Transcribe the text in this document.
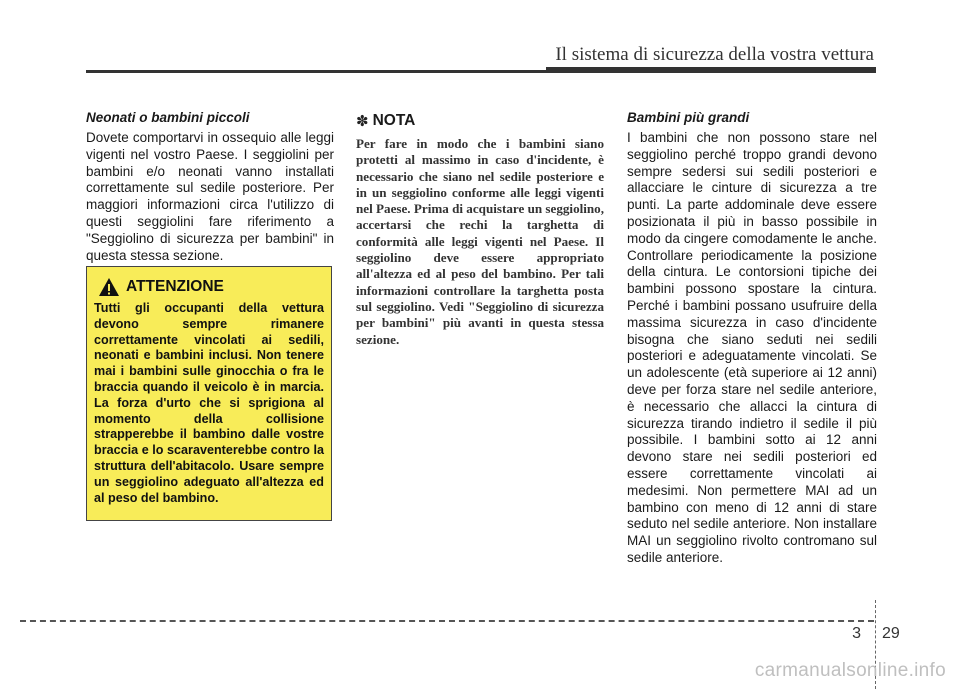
Il sistema di sicurezza della vostra vettura
Neonati o bambini piccoli

Dovete comportarvi in ossequio alle leggi vigenti nel vostro Paese. I seggiolini per bambini e/o neonati vanno installati correttamente sul sedile posteriore. Per maggiori informazioni circa l'utilizzo di questi seggiolini fare riferimento a "Seggiolino di sicurezza per bambini" in questa stessa sezione.

ATTENZIONE

Tutti gli occupanti della vettura devono sempre rimanere correttamente vincolati ai sedili, neonati e bambini inclusi. Non tenere mai i bambini sulle ginocchia o fra le braccia quando il veicolo è in marcia. La forza d'urto che si sprigiona al momento della collisione strapperebbe il bambino dalle vostre braccia e lo scaraventerebbe contro la struttura dell'abitacolo. Usare sempre un seggiolino adeguato all'altezza ed al peso del bambino.

✽ NOTA

Per fare in modo che i bambini siano protetti al massimo in caso d'incidente, è necessario che siano nel sedile posteriore e in un seggiolino conforme alle leggi vigenti nel Paese. Prima di acquistare un seggiolino, accertarsi che rechi la targhetta di conformità alle leggi vigenti nel Paese. Il seggiolino deve essere appropriato all'altezza ed al peso del bambino. Per tali informazioni controllare la targhetta posta sul seggiolino. Vedi "Seggiolino di sicurezza per bambini" più avanti in questa stessa sezione.

Bambini più grandi

I bambini che non possono stare nel seggiolino perché troppo grandi devono sempre sedersi sui sedili posteriori e allacciare le cinture di sicurezza a tre punti. La parte addominale deve essere posizionata il più in basso possibile in modo da cingere comodamente le anche. Controllare periodicamente la posizione della cintura. Le contorsioni tipiche dei bambini possono spostare la cintura. Perché i bambini possano usufruire della massima sicurezza in caso d'incidente bisogna che siano seduti nei sedili posteriori e adeguatamente vincolati. Se un adolescente (età superiore ai 12 anni) deve per forza stare nel sedile anteriore, è necessario che allacci la cintura di sicurezza tirando indietro il sedile il più possibile. I bambini sotto ai 12 anni devono stare nei sedili posteriori ed essere correttamente vincolati ai medesimi. Non permettere MAI ad un bambino con meno di 12 anni di stare seduto nel sedile anteriore. Non installare MAI un seggiolino rivolto contromano sul sedile anteriore.

3 29
carmanualsonline.info
